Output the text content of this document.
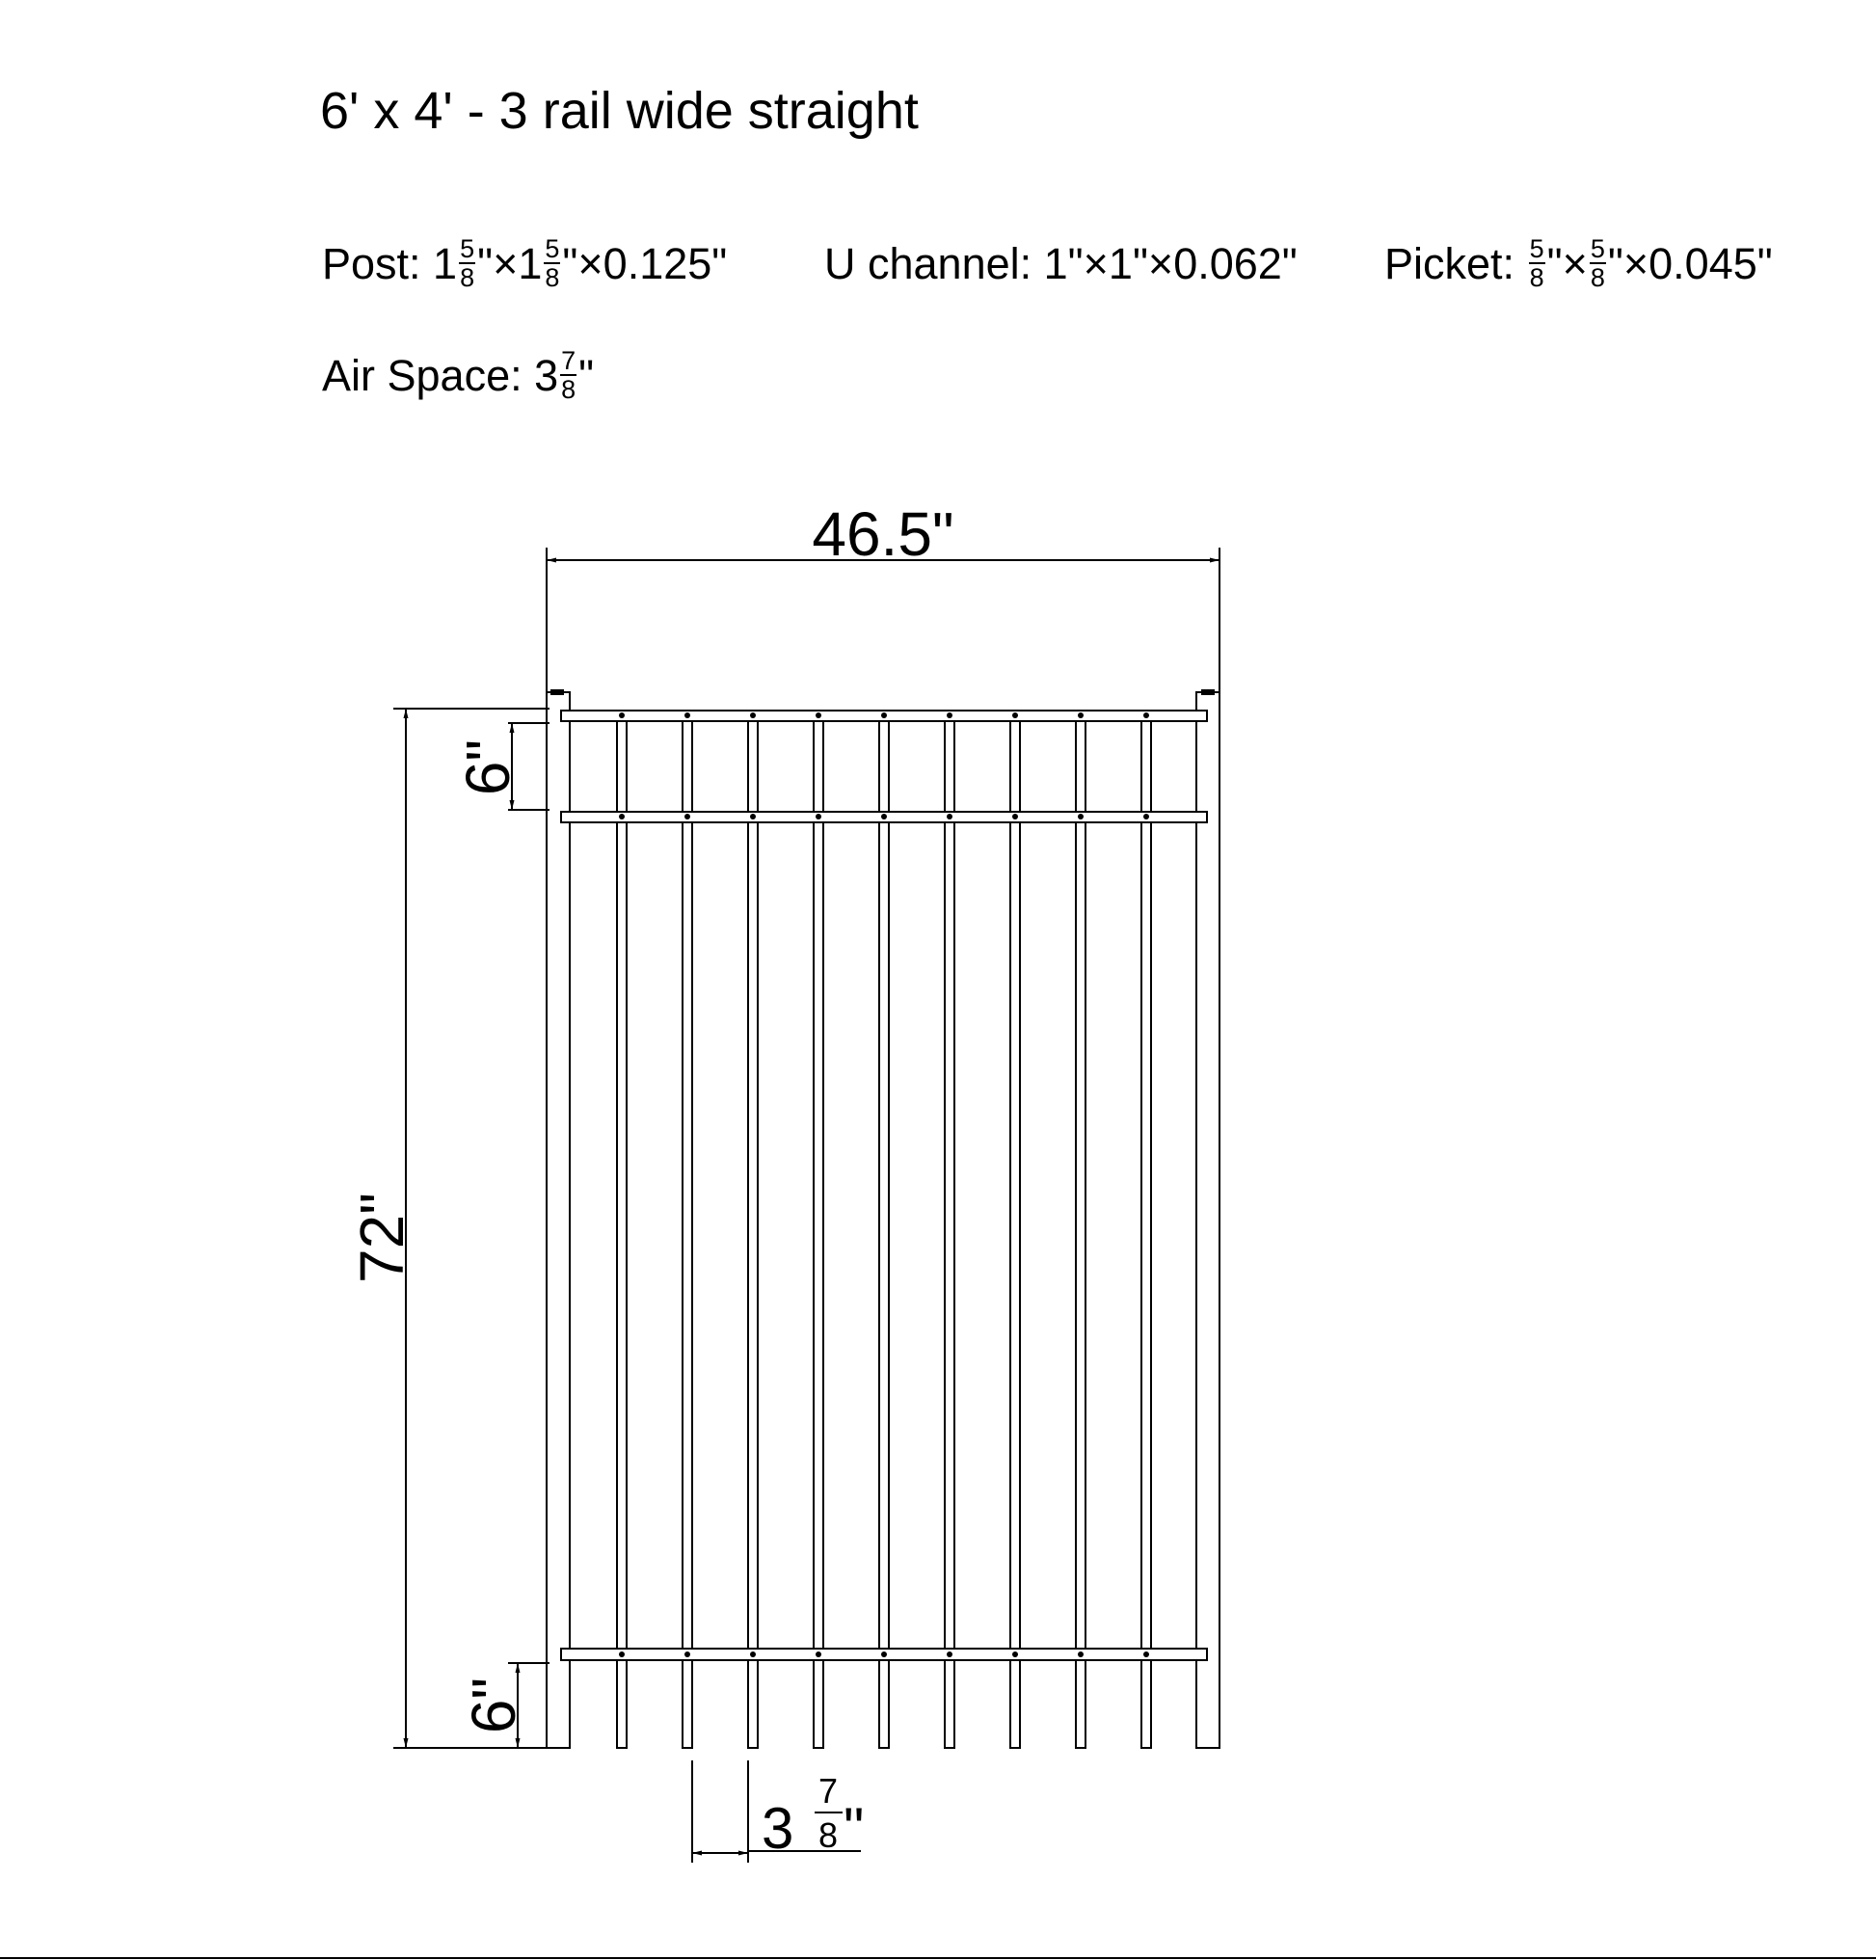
6' x 4' - 3 rail wide straight
Post: $1 \frac{5}{8}$ "$\times 1 \frac{5}{8}$ "×0.125" U channel: 1"×1"×0.062" Picket: $\frac{5}{8}$ "× $\frac{5}{8}$ "×0.045"
Air Space: $3 \frac{7}{8}$ "
46.5"
72"
6"
6"
3
7
8 "
